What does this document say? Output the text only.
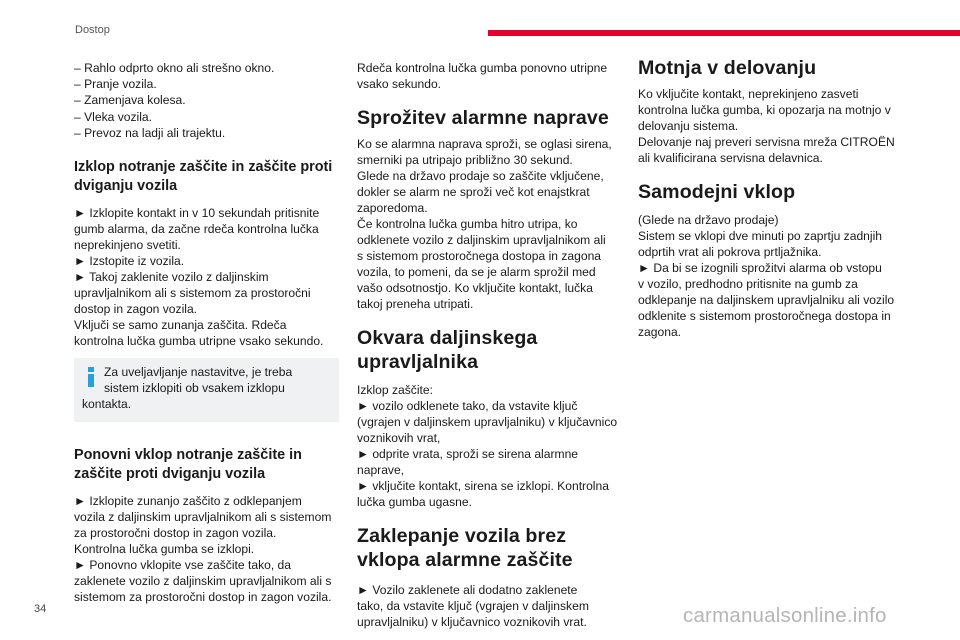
Dostop

– Rahlo odprto okno ali strešno okno.

– Pranje vozila.

– Zamenjava kolesa.

– Vleka vozila.

– Prevoz na ladji ali trajektu.

Izklop notranje zaščite in zaščite proti
dviganju vozila

► Izklopite kontakt in v 10 sekundah pritisnite

gumb alarma, da začne rdeča kontrolna lučka

neprekinjeno svetiti.

► Izstopite iz vozila.

► Takoj zaklenite vozilo z daljinskim

upravljalnikom ali s sistemom za prostoročni

dostop in zagon vozila.

Vključi se samo zunanja zaščita. Rdeča

kontrolna lučka gumba utripne vsako sekundo.

Za uveljavljanje nastavitve, je treba

sistem izklopiti ob vsakem izklopu

kontakta.

Ponovni vklop notranje zaščite in
zaščite proti dviganju vozila

► Izklopite zunanjo zaščito z odklepanjem

vozila z daljinskim upravljalnikom ali s sistemom

za prostoročni dostop in zagon vozila.

Kontrolna lučka gumba se izklopi.

► Ponovno vklopite vse zaščite tako, da

zaklenete vozilo z daljinskim upravljalnikom ali s

sistemom za prostoročni dostop in zagon vozila.

Rdeča kontrolna lučka gumba ponovno utripne

vsako sekundo.

Sprožitev alarmne naprave

Ko se alarmna naprava sproži, se oglasi sirena,

smerniki pa utripajo približno 30 sekund.

Glede na državo prodaje so zaščite vključene,

dokler se alarm ne sproži več kot enajstkrat

zaporedoma.

Če kontrolna lučka gumba hitro utripa, ko

odklenete vozilo z daljinskim upravljalnikom ali

s sistemom prostoročnega dostopa in zagona

vozila, to pomeni, da se je alarm sprožil med

vašo odsotnostjo. Ko vključite kontakt, lučka

takoj preneha utripati.

Okvara daljinskega
upravljalnika

Izklop zaščite:

► vozilo odklenete tako, da vstavite ključ

(vgrajen v daljinskem upravljalniku) v ključavnico

voznikovih vrat,

► odprite vrata, sproži se sirena alarmne

naprave,

► vključite kontakt, sirena se izklopi. Kontrolna

lučka gumba ugasne.

Zaklepanje vozila brez
vklopa alarmne zaščite

► Vozilo zaklenete ali dodatno zaklenete

tako, da vstavite ključ (vgrajen v daljinskem

upravljalniku) v ključavnico voznikovih vrat.

Motnja v delovanju

Ko vključite kontakt, neprekinjeno zasveti

kontrolna lučka gumba, ki opozarja na motnjo v

delovanju sistema.

Delovanje naj preveri servisna mreža CITROËN

ali kvalificirana servisna delavnica.

Samodejni vklop

(Glede na državo prodaje)

Sistem se vklopi dve minuti po zaprtju zadnjih

odprtih vrat ali pokrova prtljažnika.

► Da bi se izognili sprožitvi alarma ob vstopu

v vozilo, predhodno pritisnite na gumb za

odklepanje na daljinskem upravljalniku ali vozilo

odklenite s sistemom prostoročnega dostopa in

zagona.

34	carmanualsonline.info
